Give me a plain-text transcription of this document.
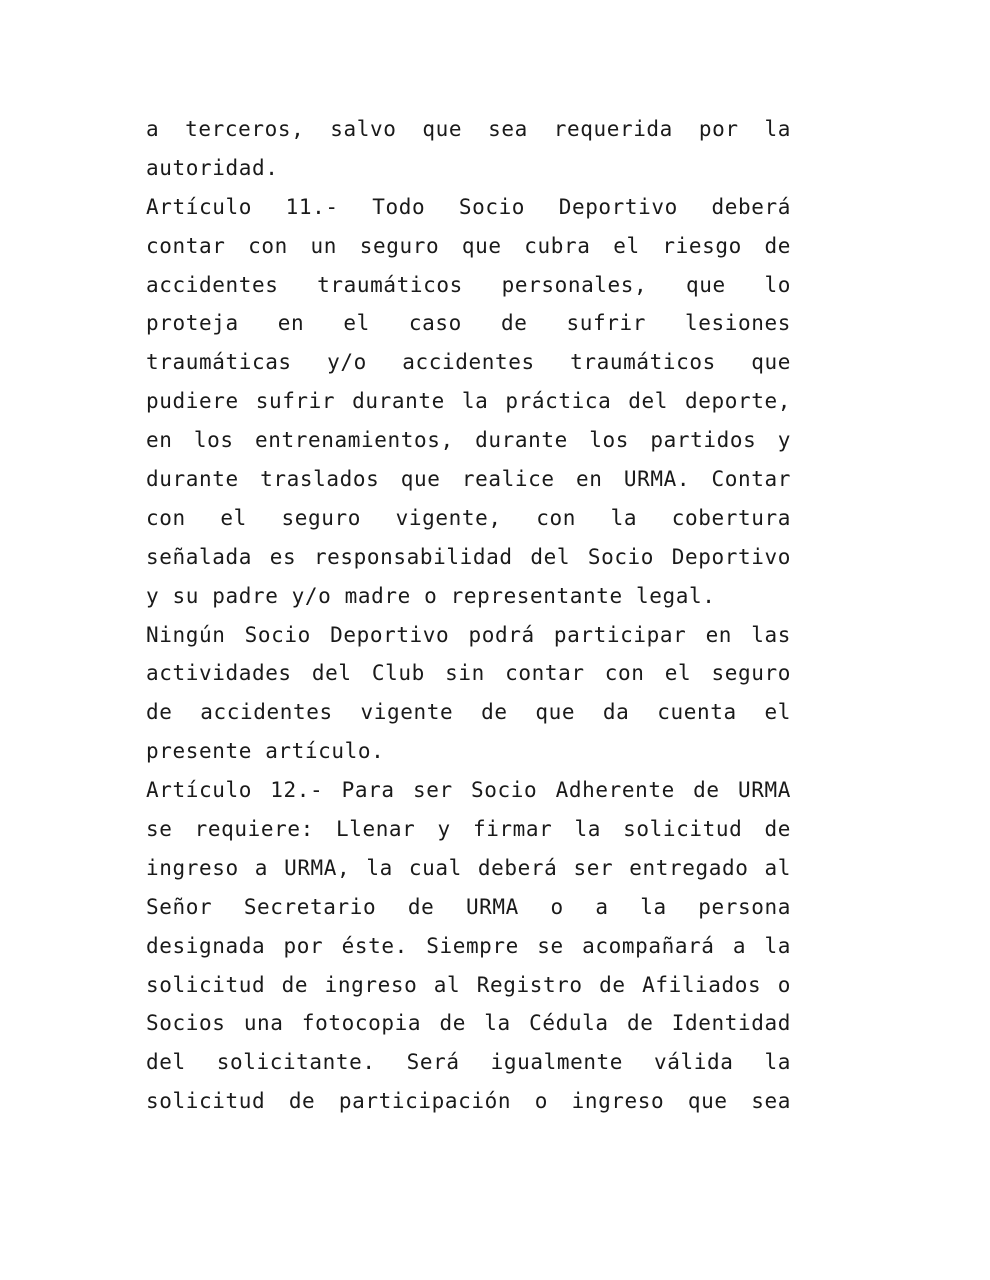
a terceros, salvo que sea requerida por la
autoridad.
Artículo 11.- Todo Socio Deportivo deberá
contar con un seguro que cubra el riesgo de
accidentes traumáticos personales, que lo
proteja en el caso de sufrir lesiones
traumáticas y/o accidentes traumáticos que
pudiere sufrir durante la práctica del deporte,
en los entrenamientos, durante los partidos y
durante traslados que realice en URMA. Contar
con el seguro vigente, con la cobertura
señalada es responsabilidad del Socio Deportivo
y su padre y/o madre o representante legal.
Ningún Socio Deportivo podrá participar en las
actividades del Club sin contar con el seguro
de accidentes vigente de que da cuenta el
presente artículo.
Artículo 12.- Para ser Socio Adherente de URMA
se requiere: Llenar y firmar la solicitud de
ingreso a URMA, la cual deberá ser entregado al
Señor Secretario de URMA o a la persona
designada por éste. Siempre se acompañará a la
solicitud de ingreso al Registro de Afiliados o
Socios una fotocopia de la Cédula de Identidad
del solicitante. Será igualmente válida la
solicitud de participación o ingreso que sea
